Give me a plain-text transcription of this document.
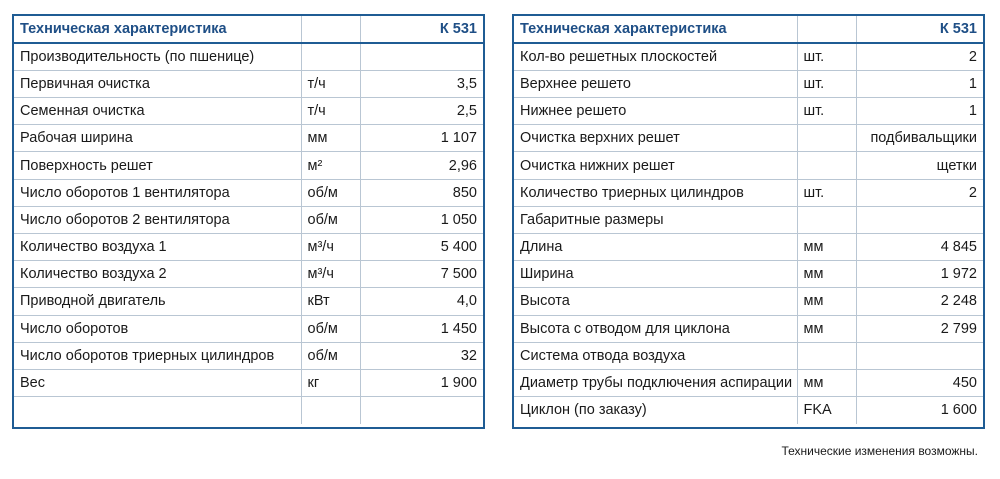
Техническая характеристика		К 531
Производительность (по пшенице)		
Первичная очистка	т/ч	3,5
Семенная очистка	т/ч	2,5
Рабочая ширина	мм	1 107
Поверхность решет	м²	2,96
Число оборотов 1 вентилятора	об/м	850
Число оборотов 2 вентилятора	об/м	1 050
Количество воздуха 1	м³/ч	5 400
Количество воздуха 2	м³/ч	7 500
Приводной двигатель	кВт	4,0
Число оборотов	об/м	1 450
Число оборотов триерных цилиндров	об/м	32
Вес	кг	1 900

Техническая характеристика		К 531
Кол-во решетных плоскостей	шт.	2
Верхнее решето	шт.	1
Нижнее решето	шт.	1
Очистка верхних решет		подбивальщики
Очистка нижних решет		щетки
Количество триерных цилиндров	шт.	2
Габаритные размеры		
Длина	мм	4 845
Ширина	мм	1 972
Высота	мм	2 248
Высота с отводом для циклона	мм	2 799
Система отвода воздуха		
Диаметр трубы подключения аспирации	мм	450
Циклон (по заказу)	FKA	1 600
Технические изменения возможны.
